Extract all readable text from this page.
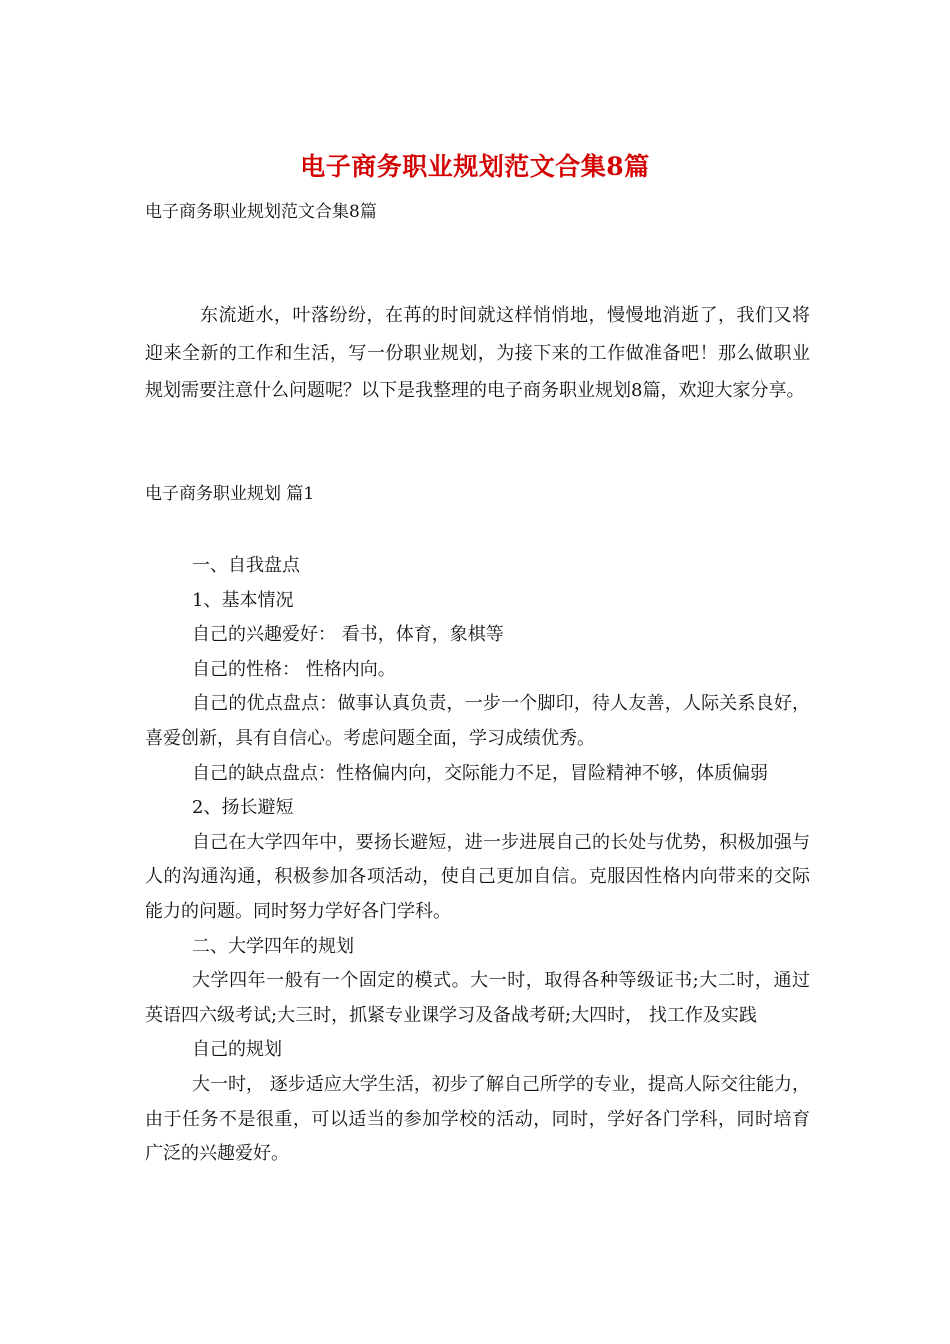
电子商务职业规划范文合集8篇
电子商务职业规划范文合集8篇
东流逝水，叶落纷纷，在苒的时间就这样悄悄地，慢慢地消逝了，我们又将迎来全新的工作和生活，写一份职业规划，为接下来的工作做准备吧！那么做职业规划需要注意什么问题呢？以下是我整理的电子商务职业规划8篇，欢迎大家分享。
电子商务职业规划 篇1

一、自我盘点

1、基本情况

自己的兴趣爱好： 看书，体育，象棋等

自己的性格： 性格内向。

自己的优点盘点：做事认真负责，一步一个脚印，待人友善，人际关系良好，喜爱创新，具有自信心。考虑问题全面，学习成绩优秀。

自己的缺点盘点：性格偏内向，交际能力不足，冒险精神不够，体质偏弱

2、扬长避短

自己在大学四年中，要扬长避短，进一步进展自己的长处与优势，积极加强与人的沟通沟通，积极参加各项活动，使自己更加自信。克服因性格内向带来的交际能力的问题。同时努力学好各门学科。

二、大学四年的规划

大学四年一般有一个固定的模式。大一时，取得各种等级证书;大二时，通过英语四六级考试;大三时，抓紧专业课学习及备战考研;大四时， 找工作及实践

自己的规划

大一时， 逐步适应大学生活，初步了解自己所学的专业，提高人际交往能力，由于任务不是很重，可以适当的参加学校的活动，同时，学好各门学科，同时培育广泛的兴趣爱好。
